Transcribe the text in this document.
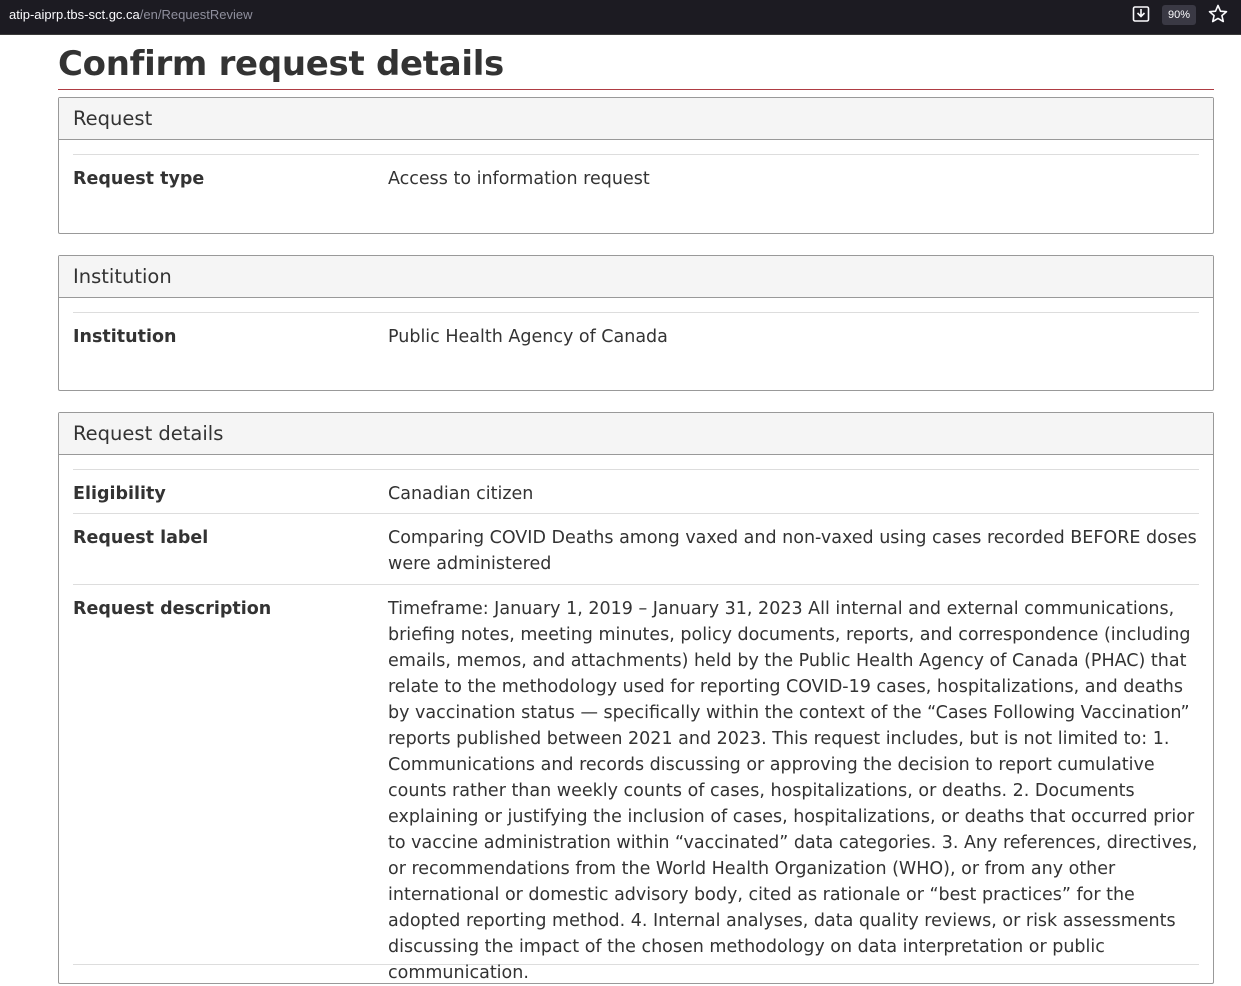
atip-aiprp.tbs-sct.gc.ca/en/RequestReview	90%
Confirm request details
Request
Request type	Access to information request
Institution
Institution	Public Health Agency of Canada
Request details
Eligibility	Canadian citizen
Request label	Comparing COVID Deaths among vaxed and non-vaxed using cases recorded BEFORE doses were administered
Request description	Timeframe: January 1, 2019 – January 31, 2023 All internal and external communications, briefing notes, meeting minutes, policy documents, reports, and correspondence (including emails, memos, and attachments) held by the Public Health Agency of Canada (PHAC) that relate to the methodology used for reporting COVID-19 cases, hospitalizations, and deaths by vaccination status — specifically within the context of the “Cases Following Vaccination” reports published between 2021 and 2023. This request includes, but is not limited to: 1. Communications and records discussing or approving the decision to report cumulative counts rather than weekly counts of cases, hospitalizations, or deaths. 2. Documents explaining or justifying the inclusion of cases, hospitalizations, or deaths that occurred prior to vaccine administration within “vaccinated” data categories. 3. Any references, directives, or recommendations from the World Health Organization (WHO), or from any other international or domestic advisory body, cited as rationale or “best practices” for the adopted reporting method. 4. Internal analyses, data quality reviews, or risk assessments discussing the impact of the chosen methodology on data interpretation or public communication.
